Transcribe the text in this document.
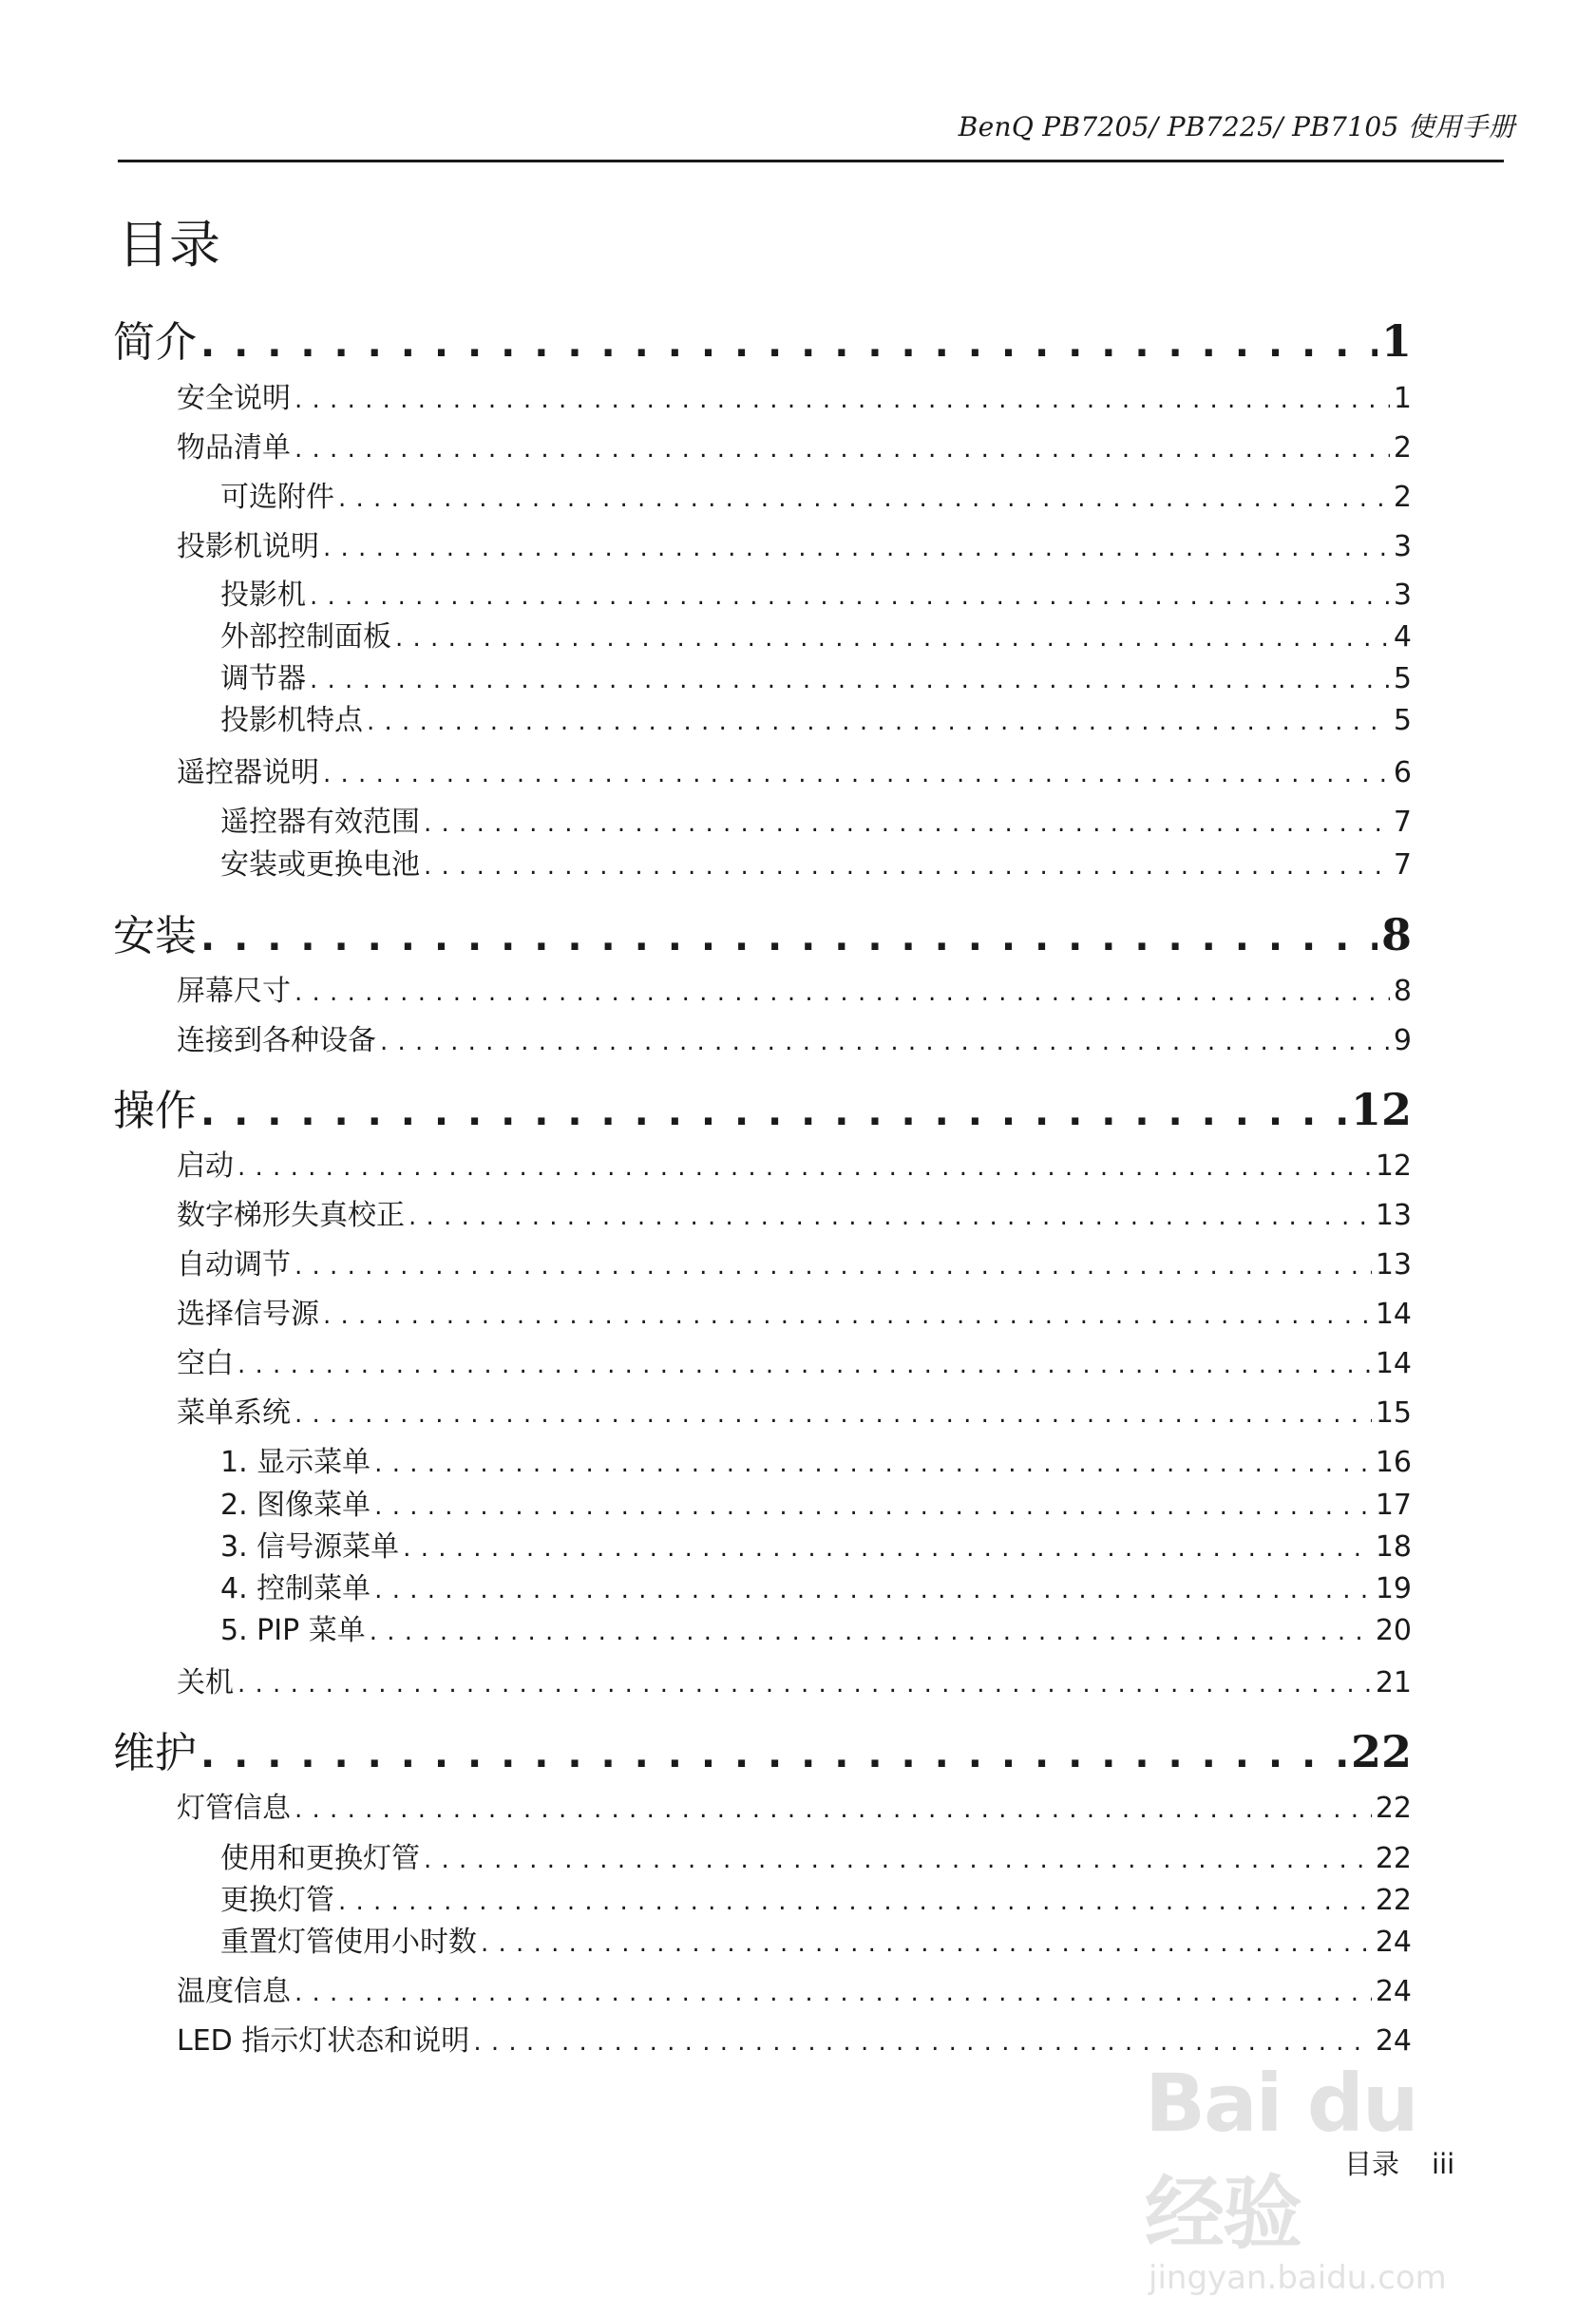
BenQ PB7205/ PB7225/ PB7105 使用手册
目录
简介 . . .	1
安全说明 . . .	1
物品清单 . . .	2
可选附件 . . .	2
投影机说明 . . .	3
投影机 . . .	3
外部控制面板 . . .	4
调节器 . . .	5
投影机特点 . . .	5
遥控器说明 . . .	6
遥控器有效范围 . . .	7
安装或更换电池 . . .	7
安装 . . .	8
屏幕尺寸 . . .	8
连接到各种设备 . . .	9
操作 . . .	12
启动 . . .	12
数字梯形失真校正 . . .	13
自动调节 . . .	13
选择信号源 . . .	14
空白 . . .	14
菜单系统 . . .	15
1. 显示菜单 . . .	16
2. 图像菜单 . . .	17
3. 信号源菜单 . . .	18
4. 控制菜单 . . .	19
5. PIP 菜单 . . .	20
关机 . . .	21
维护 . . .	22
灯管信息 . . .	22
使用和更换灯管 . . .	22
更换灯管 . . .	22
重置灯管使用小时数 . . .	24
温度信息 . . .	24
LED 指示灯状态和说明 . . .	24
目录 iii
Bai du 经验
jingyan.baidu.com
